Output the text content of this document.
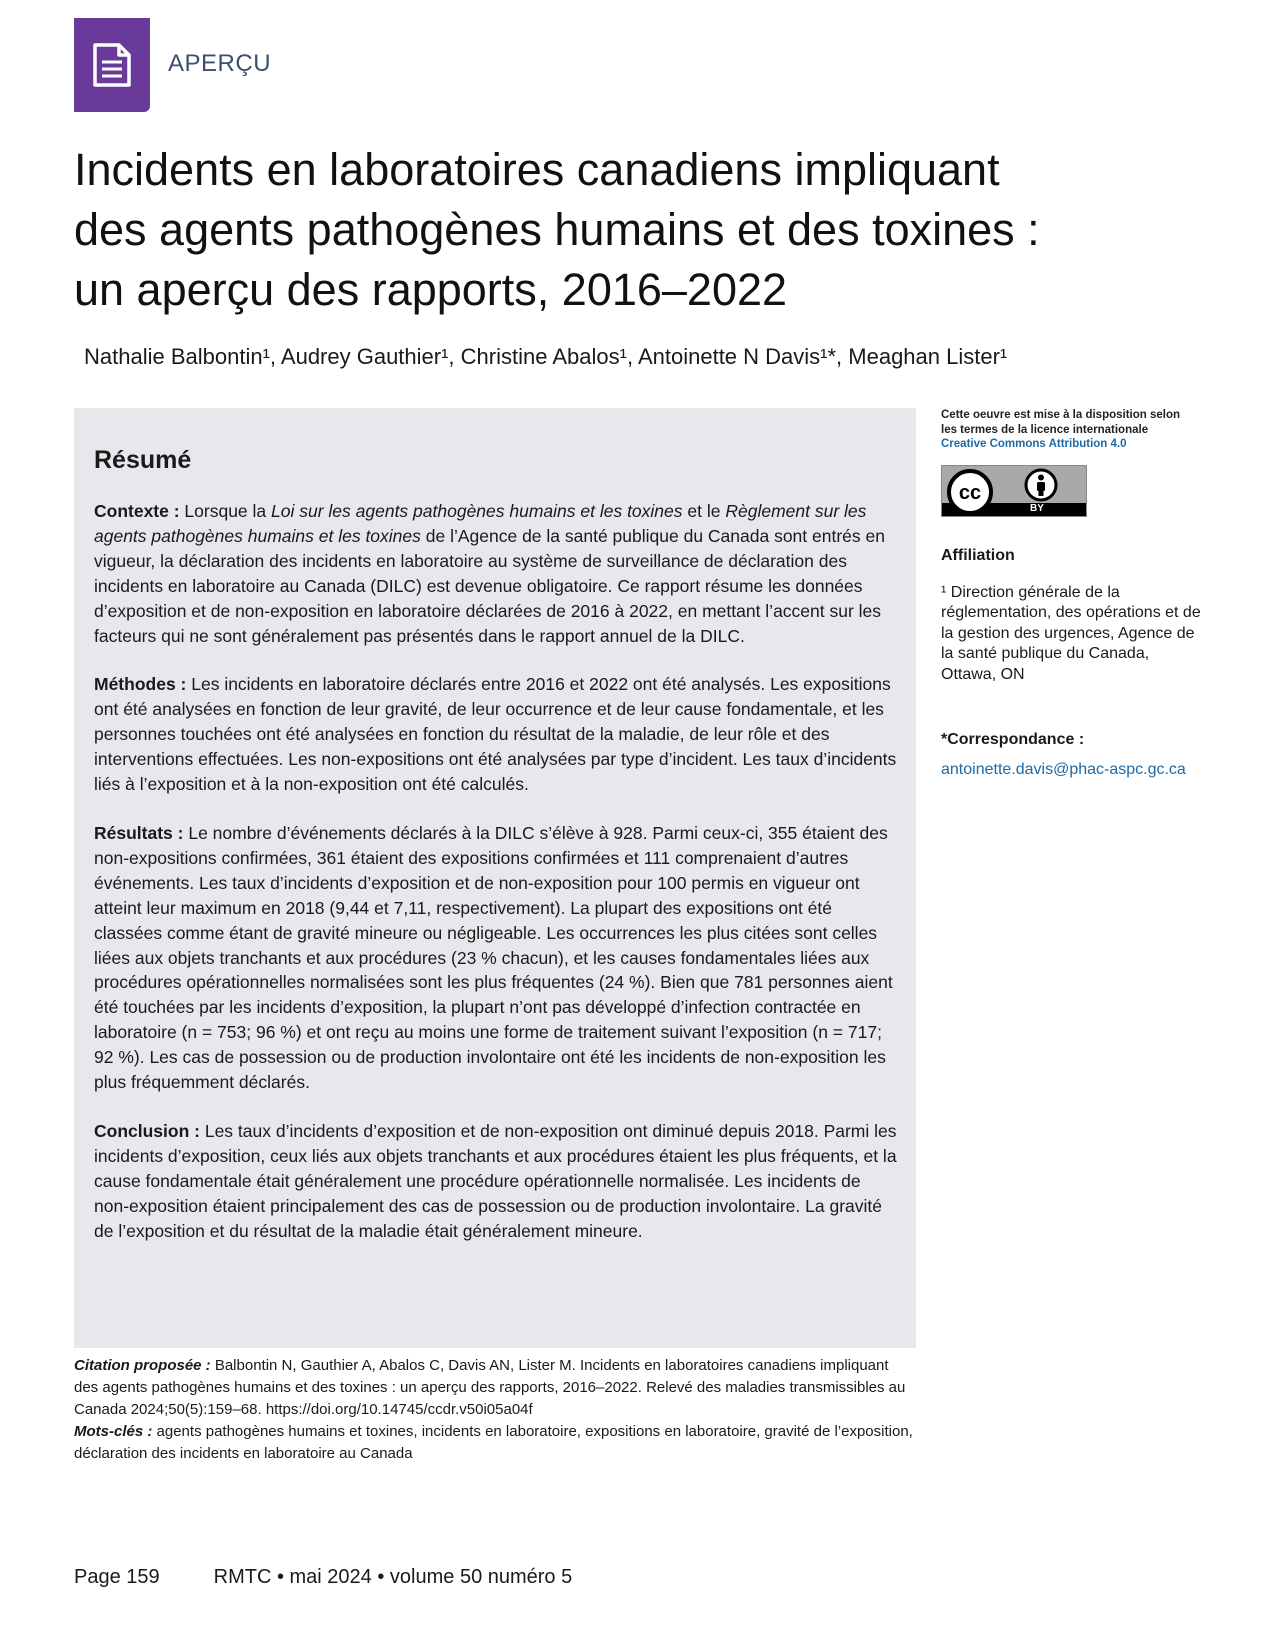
APERÇU
Incidents en laboratoires canadiens impliquant
des agents pathogènes humains et des toxines :
un aperçu des rapports, 2016–2022

Nathalie Balbontin¹, Audrey Gauthier¹, Christine Abalos¹, Antoinette N Davis¹*, Meaghan Lister¹

Résumé

Contexte : Lorsque la Loi sur les agents pathogènes humains et les toxines et le Règlement sur les agents pathogènes humains et les toxines de l’Agence de la santé publique du Canada sont entrés en vigueur, la déclaration des incidents en laboratoire au système de surveillance de déclaration des incidents en laboratoire au Canada (DILC) est devenue obligatoire. Ce rapport résume les données d’exposition et de non-exposition en laboratoire déclarées de 2016 à 2022, en mettant l’accent sur les facteurs qui ne sont généralement pas présentés dans le rapport annuel de la DILC.

Méthodes : Les incidents en laboratoire déclarés entre 2016 et 2022 ont été analysés. Les expositions ont été analysées en fonction de leur gravité, de leur occurrence et de leur cause fondamentale, et les personnes touchées ont été analysées en fonction du résultat de la maladie, de leur rôle et des interventions effectuées. Les non-expositions ont été analysées par type d’incident. Les taux d’incidents liés à l’exposition et à la non-exposition ont été calculés.

Résultats : Le nombre d’événements déclarés à la DILC s’élève à 928. Parmi ceux-ci, 355 étaient des non-expositions confirmées, 361 étaient des expositions confirmées et 111 comprenaient d’autres événements. Les taux d’incidents d’exposition et de non-exposition pour 100 permis en vigueur ont atteint leur maximum en 2018 (9,44 et 7,11, respectivement). La plupart des expositions ont été classées comme étant de gravité mineure ou négligeable. Les occurrences les plus citées sont celles liées aux objets tranchants et aux procédures (23 % chacun), et les causes fondamentales liées aux procédures opérationnelles normalisées sont les plus fréquentes (24 %). Bien que 781 personnes aient été touchées par les incidents d’exposition, la plupart n’ont pas développé d’infection contractée en laboratoire (n = 753; 96 %) et ont reçu au moins une forme de traitement suivant l’exposition (n = 717; 92 %). Les cas de possession ou de production involontaire ont été les incidents de non-exposition les plus fréquemment déclarés.

Conclusion : Les taux d’incidents d’exposition et de non-exposition ont diminué depuis 2018. Parmi les incidents d’exposition, ceux liés aux objets tranchants et aux procédures étaient les plus fréquents, et la cause fondamentale était généralement une procédure opérationnelle normalisée. Les incidents de non-exposition étaient principalement des cas de possession ou de production involontaire. La gravité de l’exposition et du résultat de la maladie était généralement mineure.

Citation proposée : Balbontin N, Gauthier A, Abalos C, Davis AN, Lister M. Incidents en laboratoires canadiens impliquant des agents pathogènes humains et des toxines : un aperçu des rapports, 2016–2022. Relevé des maladies transmissibles au Canada 2024;50(5):159–68. https://doi.org/10.14745/ccdr.v50i05a04f

Mots-clés : agents pathogènes humains et toxines, incidents en laboratoire, expositions en laboratoire, gravité de l’exposition, déclaration des incidents en laboratoire au Canada

Cette oeuvre est mise à la disposition selon
les termes de la licence internationale
Creative Commons Attribution 4.0

cc
BY

Affiliation

¹ Direction générale de la réglementation, des opérations et de la gestion des urgences, Agence de la santé publique du Canada, Ottawa, ON

*Correspondance :

antoinette.davis@phac-aspc.gc.ca

Page 159	RMTC • mai 2024 • volume 50 numéro 5
